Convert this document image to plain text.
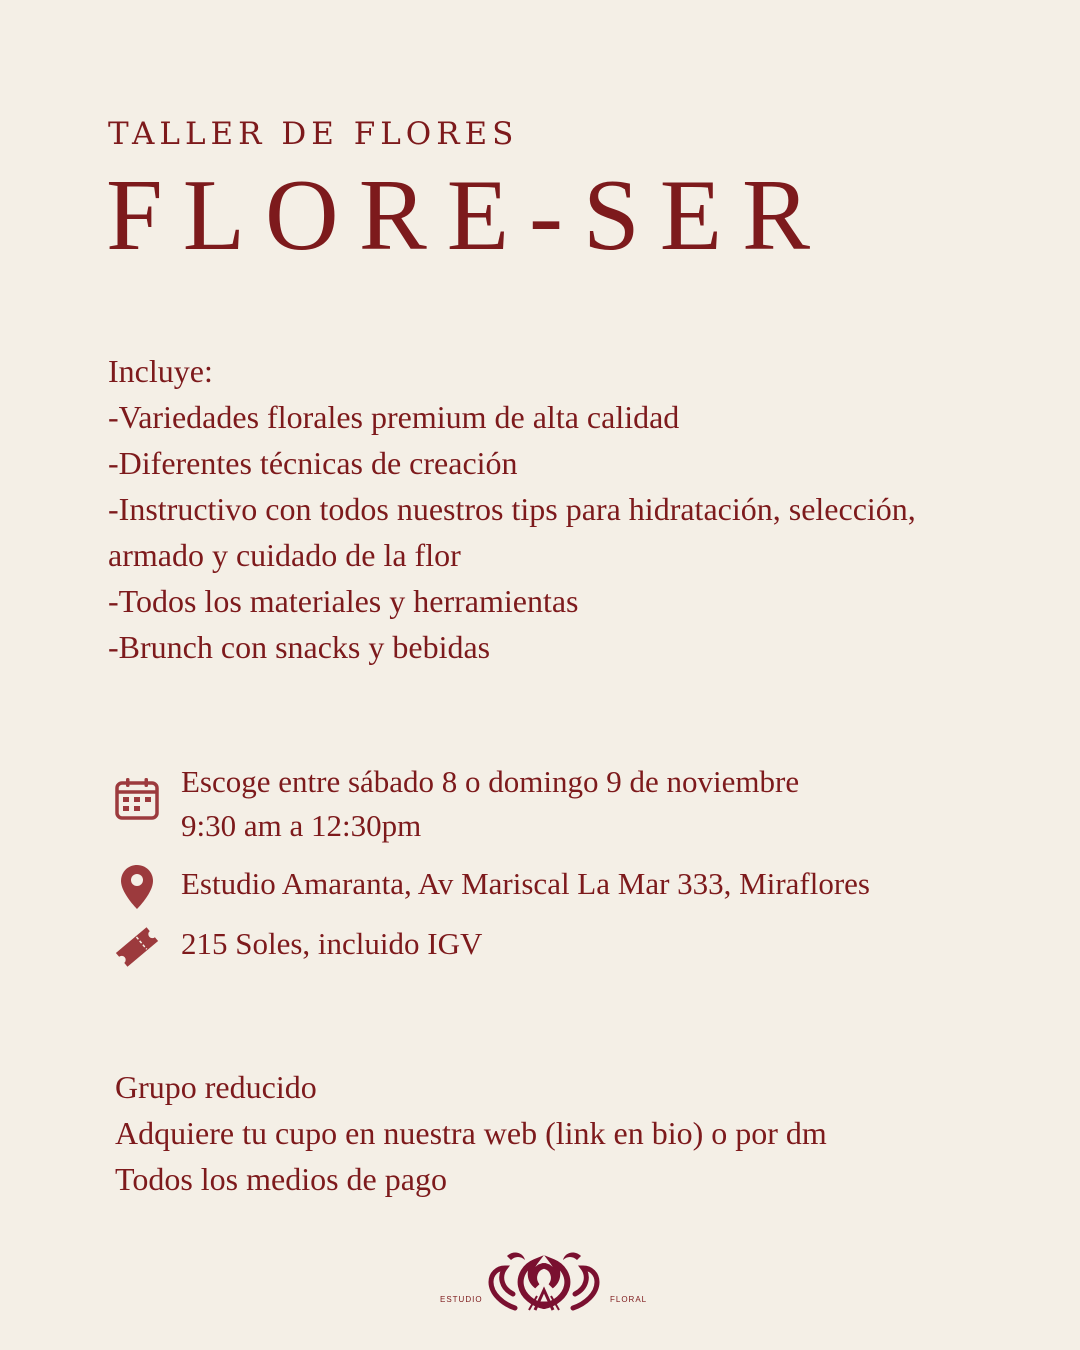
TALLER DE FLORES
FLORE-SER
Incluye:
-Variedades florales premium de alta calidad
-Diferentes técnicas de creación
-Instructivo con todos nuestros tips para hidratación, selección, armado y cuidado de la flor
-Todos los materiales y herramientas
-Brunch con snacks y bebidas
Escoge entre sábado 8 o domingo 9 de noviembre
9:30 am a 12:30pm
Estudio Amaranta, Av Mariscal La Mar 333, Miraflores
215 Soles, incluido IGV
Grupo reducido
Adquiere tu cupo en nuestra web (link en bio) o por dm
Todos los medios de pago
ESTUDIO	FLORAL
